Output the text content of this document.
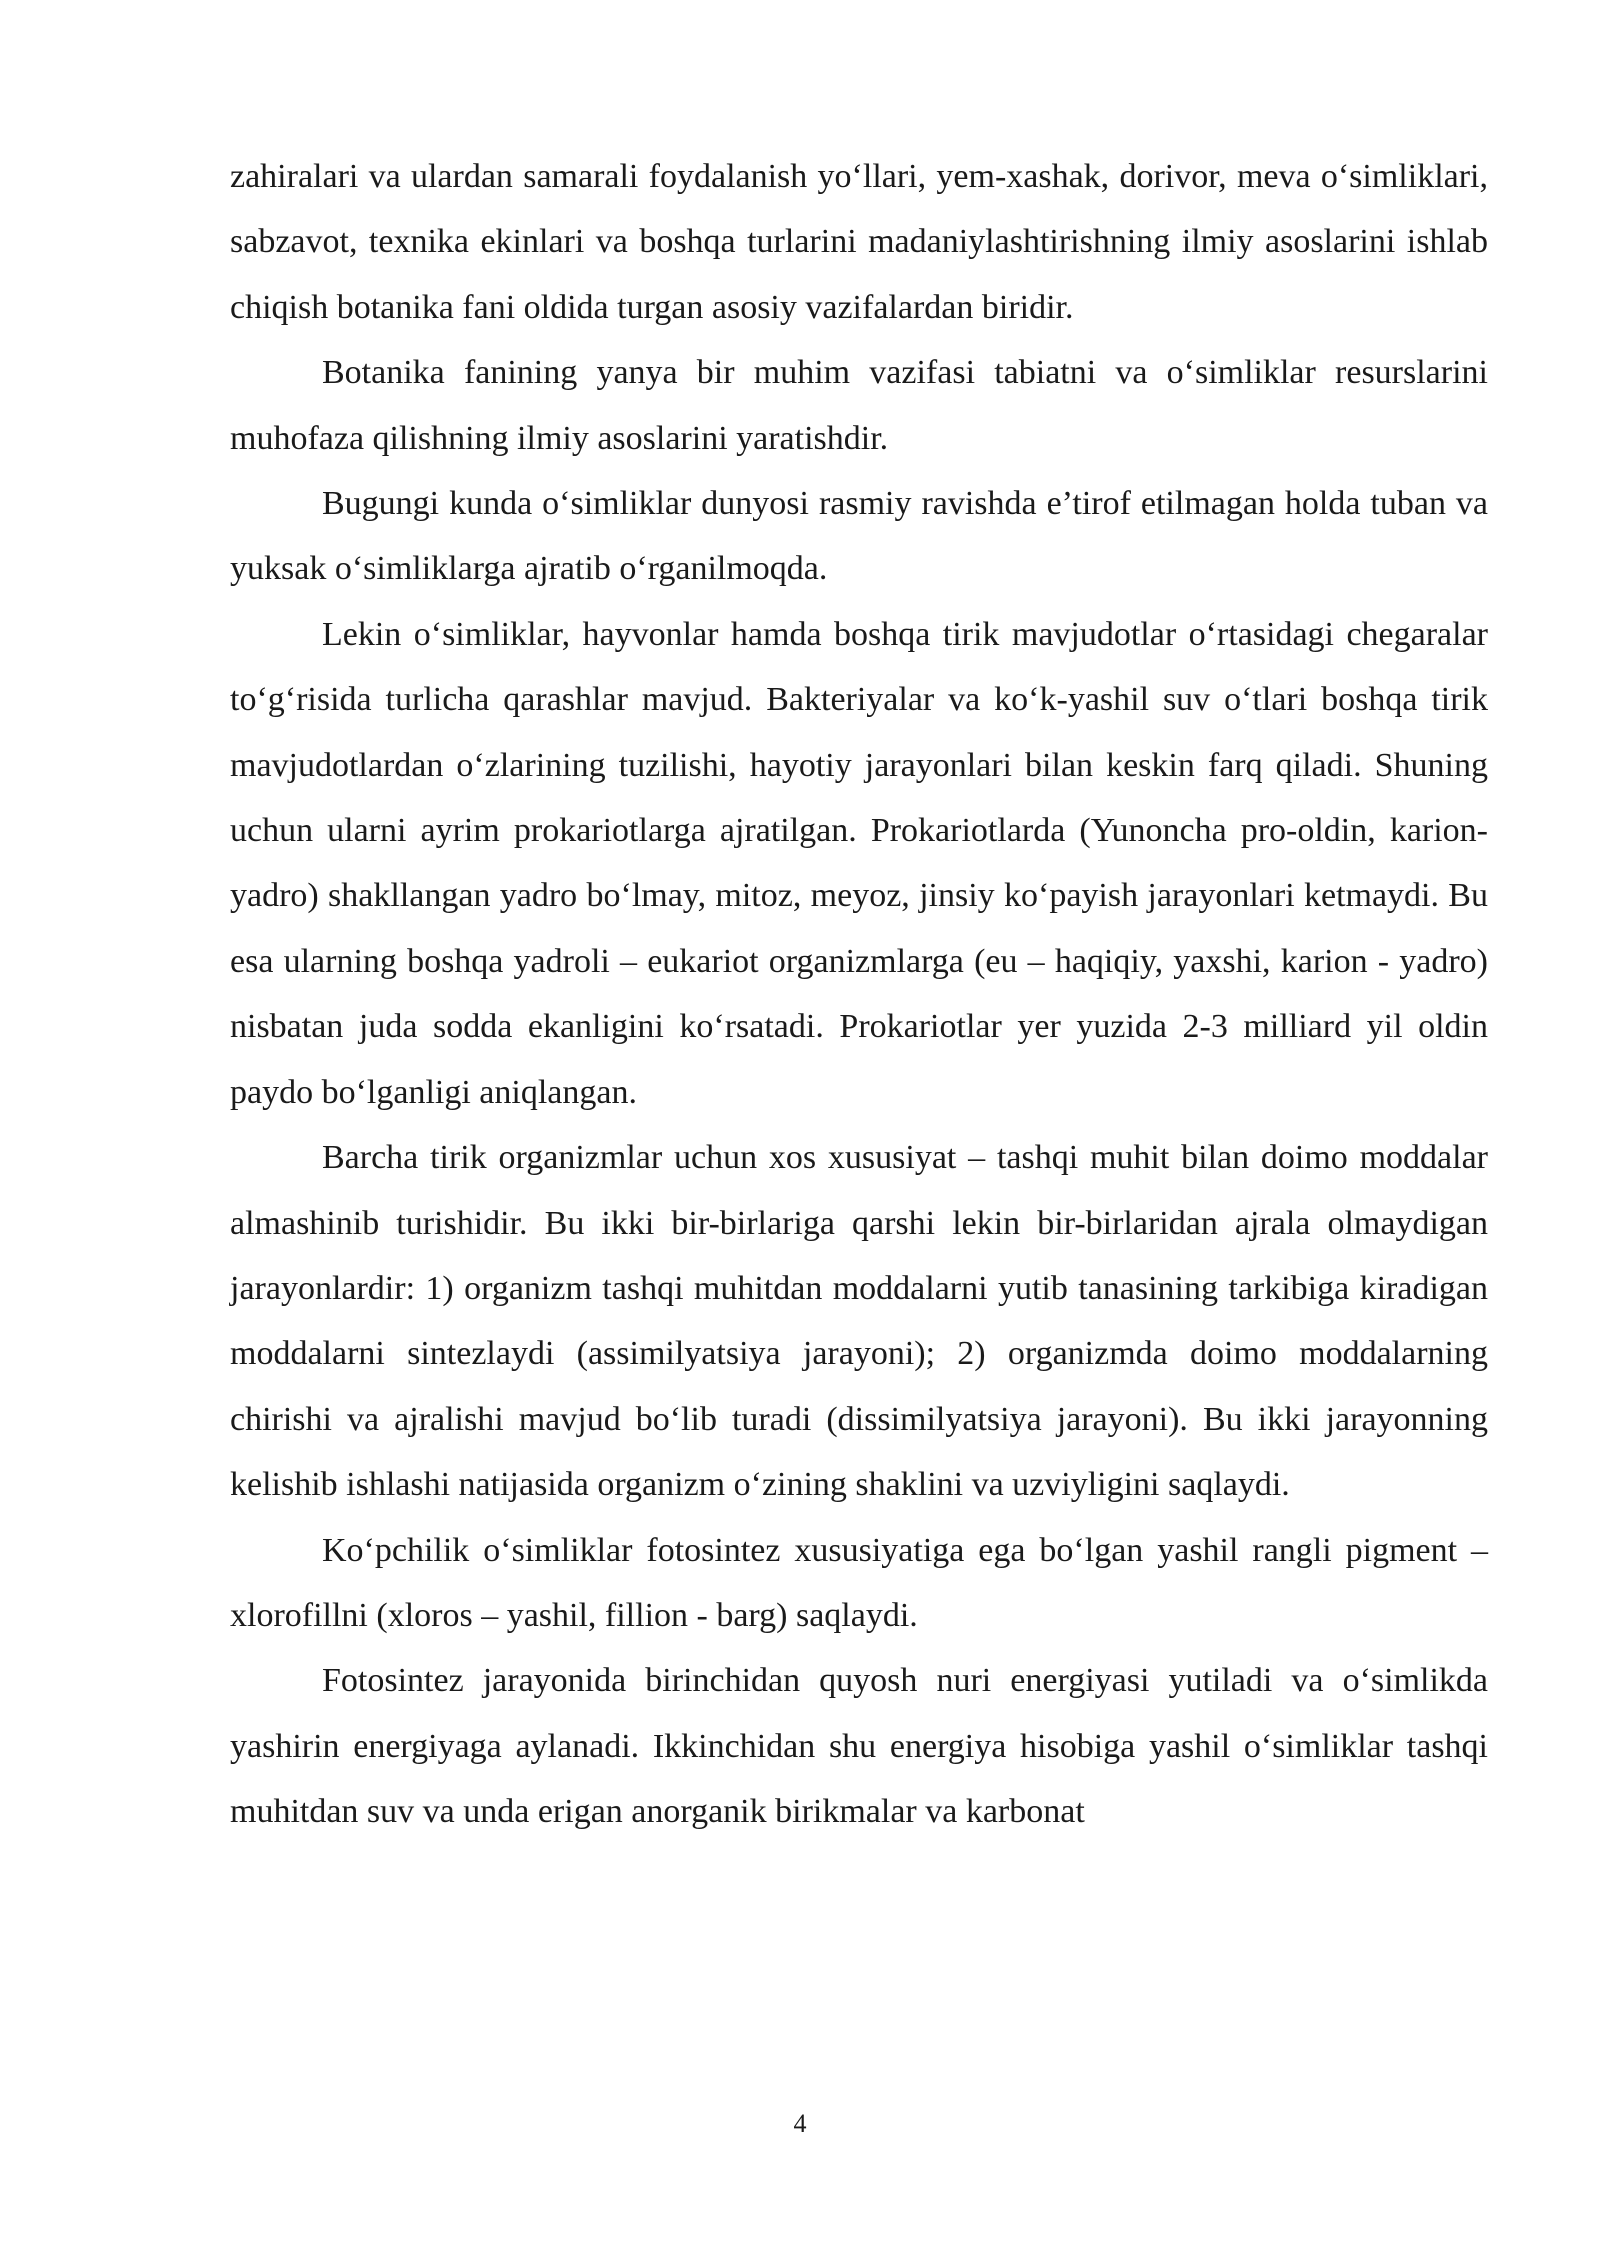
zahiralari va ulardan samarali foydalanish yo‘llari, yem-xashak, dorivor, meva o‘simliklari, sabzavot, texnika ekinlari va boshqa turlarini madaniylashtirishning ilmiy asoslarini ishlab chiqish botanika fani oldida turgan asosiy vazifalardan biridir.

Botanika fanining yanya bir muhim vazifasi tabiatni va o‘simliklar resurslarini muhofaza qilishning ilmiy asoslarini yaratishdir.

Bugungi kunda o‘simliklar dunyosi rasmiy ravishda e’tirof etilmagan holda tuban va yuksak o‘simliklarga ajratib o‘rganilmoqda.

Lekin o‘simliklar, hayvonlar hamda boshqa tirik mavjudotlar o‘rtasidagi chegaralar to‘g‘risida turlicha qarashlar mavjud. Bakteriyalar va ko‘k-yashil suv o‘tlari boshqa tirik mavjudotlardan o‘zlarining tuzilishi, hayotiy jarayonlari bilan keskin farq qiladi. Shuning uchun ularni ayrim prokariotlarga ajratilgan. Prokariotlarda (Yunoncha pro-oldin, karion-yadro) shakllangan yadro bo‘lmay, mitoz, meyoz, jinsiy ko‘payish jarayonlari ketmaydi. Bu esa ularning boshqa yadroli – eukariot organizmlarga (eu – haqiqiy, yaxshi, karion - yadro) nisbatan juda sodda ekanligini ko‘rsatadi. Prokariotlar yer yuzida 2-3 milliard yil oldin paydo bo‘lganligi aniqlangan.

Barcha tirik organizmlar uchun xos xususiyat – tashqi muhit bilan doimo moddalar almashinib turishidir. Bu ikki bir-birlariga qarshi lekin bir-birlaridan ajrala olmaydigan jarayonlardir: 1) organizm tashqi muhitdan moddalarni yutib tanasining tarkibiga kiradigan moddalarni sintezlaydi (assimilyatsiya jarayoni); 2) organizmda doimo moddalarning chirishi va ajralishi mavjud bo‘lib turadi (dissimilyatsiya jarayoni). Bu ikki jarayonning kelishib ishlashi natijasida organizm o‘zining shaklini va uzviyligini saqlaydi.

Ko‘pchilik o‘simliklar fotosintez xususiyatiga ega bo‘lgan yashil rangli pigment – xlorofillni (xloros – yashil, fillion - barg) saqlaydi.

Fotosintez jarayonida birinchidan quyosh nuri energiyasi yutiladi va o‘simlikda yashirin energiyaga aylanadi. Ikkinchidan shu energiya hisobiga yashil o‘simliklar tashqi muhitdan suv va unda erigan anorganik birikmalar va karbonat

4
